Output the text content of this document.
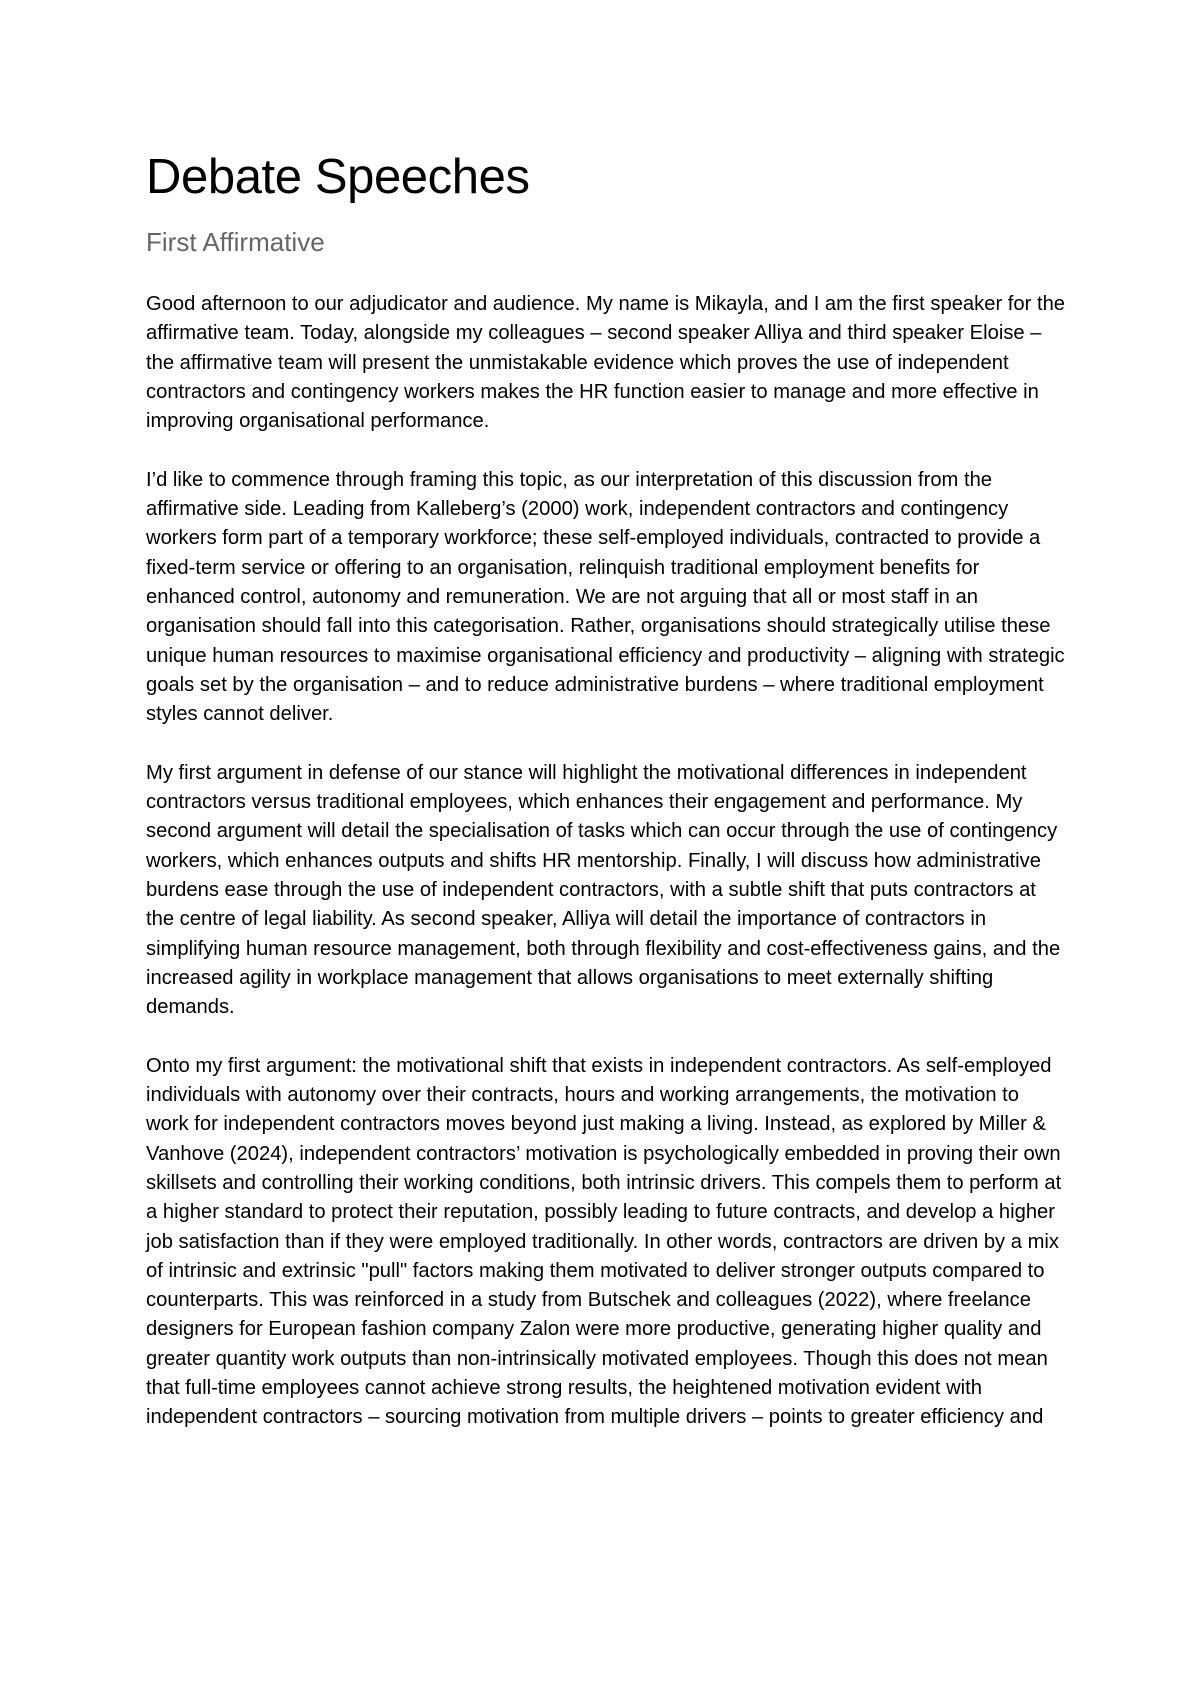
Debate Speeches
First Affirmative

Good afternoon to our adjudicator and audience. My name is Mikayla, and I am the first speaker for the affirmative team. Today, alongside my colleagues – second speaker Alliya and third speaker Eloise – the affirmative team will present the unmistakable evidence which proves the use of independent contractors and contingency workers makes the HR function easier to manage and more effective in improving organisational performance.

I’d like to commence through framing this topic, as our interpretation of this discussion from the affirmative side. Leading from Kalleberg’s (2000) work, independent contractors and contingency workers form part of a temporary workforce; these self-employed individuals, contracted to provide a fixed-term service or offering to an organisation, relinquish traditional employment benefits for enhanced control, autonomy and remuneration. We are not arguing that all or most staff in an organisation should fall into this categorisation. Rather, organisations should strategically utilise these unique human resources to maximise organisational efficiency and productivity – aligning with strategic goals set by the organisation – and to reduce administrative burdens – where traditional employment styles cannot deliver.

My first argument in defense of our stance will highlight the motivational differences in independent contractors versus traditional employees, which enhances their engagement and performance. My second argument will detail the specialisation of tasks which can occur through the use of contingency workers, which enhances outputs and shifts HR mentorship. Finally, I will discuss how administrative burdens ease through the use of independent contractors, with a subtle shift that puts contractors at the centre of legal liability. As second speaker, Alliya will detail the importance of contractors in simplifying human resource management, both through flexibility and cost-effectiveness gains, and the increased agility in workplace management that allows organisations to meet externally shifting demands.

Onto my first argument: the motivational shift that exists in independent contractors. As self-employed individuals with autonomy over their contracts, hours and working arrangements, the motivation to work for independent contractors moves beyond just making a living. Instead, as explored by Miller & Vanhove (2024), independent contractors’ motivation is psychologically embedded in proving their own skillsets and controlling their working conditions, both intrinsic drivers. This compels them to perform at a higher standard to protect their reputation, possibly leading to future contracts, and develop a higher job satisfaction than if they were employed traditionally. In other words, contractors are driven by a mix of intrinsic and extrinsic "pull" factors making them motivated to deliver stronger outputs compared to counterparts. This was reinforced in a study from Butschek and colleagues (2022), where freelance designers for European fashion company Zalon were more productive, generating higher quality and greater quantity work outputs than non-intrinsically motivated employees. Though this does not mean that full-time employees cannot achieve strong results, the heightened motivation evident with independent contractors – sourcing motivation from multiple drivers – points to greater efficiency and
